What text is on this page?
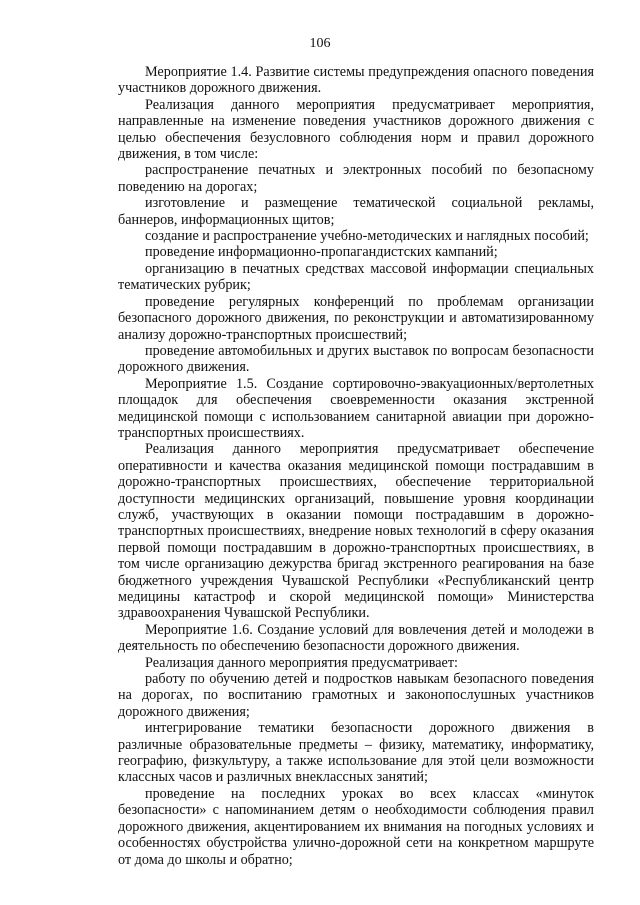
106

Мероприятие 1.4. Развитие системы предупреждения опасного поведения участников дорожного движения.

Реализация данного мероприятия предусматривает мероприятия, направленные на изменение поведения участников дорожного движения с целью обеспечения безусловного соблюдения норм и правил дорожного движения, в том числе:

распространение печатных и электронных пособий по безопасному поведению на дорогах;

изготовление и размещение тематической социальной рекламы, баннеров, информационных щитов;

создание и распространение учебно-методических и наглядных пособий;

проведение информационно-пропагандистских кампаний;

организацию в печатных средствах массовой информации специальных тематических рубрик;

проведение регулярных конференций по проблемам организации безопасного дорожного движения, по реконструкции и автоматизированному анализу дорожно-транспортных происшествий;

проведение автомобильных и других выставок по вопросам безопасности дорожного движения.

Мероприятие 1.5. Создание сортировочно-эвакуационных/вертолетных площадок для обеспечения своевременности оказания экстренной медицинской помощи с использованием санитарной авиации при дорожно-транспортных происшествиях.

Реализация данного мероприятия предусматривает обеспечение оперативности и качества оказания медицинской помощи пострадавшим в дорожно-транспортных происшествиях, обеспечение территориальной доступности медицинских организаций, повышение уровня координации служб, участвующих в оказании помощи пострадавшим в дорожно-транспортных происшествиях, внедрение новых технологий в сферу оказания первой помощи пострадавшим в дорожно-транспортных происшествиях, в том числе организацию дежурства бригад экстренного реагирования на базе бюджетного учреждения Чувашской Республики «Республиканский центр медицины катастроф и скорой медицинской помощи» Министерства здравоохранения Чувашской Республики.

Мероприятие 1.6. Создание условий для вовлечения детей и молодежи в деятельность по обеспечению безопасности дорожного движения.

Реализация данного мероприятия предусматривает:

работу по обучению детей и подростков навыкам безопасного поведения на дорогах, по воспитанию грамотных и законопослушных участников дорожного движения;

интегрирование тематики безопасности дорожного движения в различные образовательные предметы – физику, математику, информатику, географию, физкультуру, а также использование для этой цели возможности классных часов и различных внеклассных занятий;

проведение на последних уроках во всех классах «минуток безопасности» с напоминанием детям о необходимости соблюдения правил дорожного движения, акцентированием их внимания на погодных условиях и особенностях обустройства улично-дорожной сети на конкретном маршруте от дома до школы и обратно;
